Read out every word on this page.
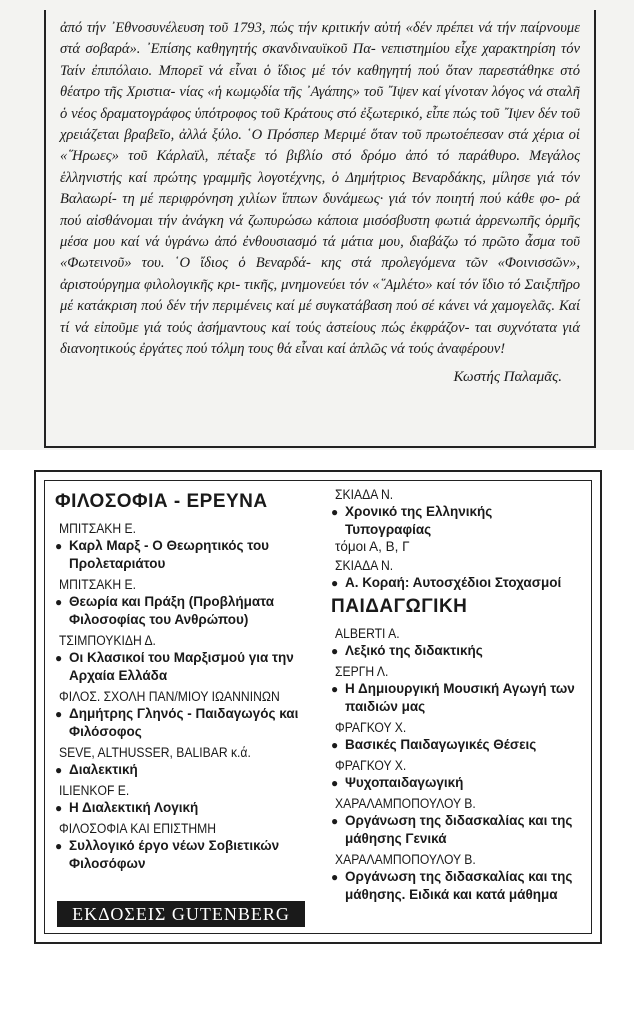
ἀπό τήν ᾿Εθνοσυνέλευση τοῦ 1793, πώς τήν κριτικήν αὐτή «δέν πρέπει νά τήν παίρνουμε στά σοβαρά». ᾿Επίσης καθηγητής σκανδιναυϊκοῦ Πα- νεπιστημίου εἶχε χαρακτηρίση τόν Ταίν ἐπιπόλαιο. Μπορεῖ νά εἶναι ὁ ἴδιος μέ τόν καθηγητή πού ὅταν παρεστάθηκε στό θέατρο τῆς Χριστια- νίας «ἡ κωμῳδία τῆς ᾿Αγάπης» τοῦ ῎Ιψεν καί γίνοταν λόγος νά σταλῆ ὁ νέος δραματογράφος ὑπότροφος τοῦ Κράτους στό ἐξωτερικό, εἶπε πώς τοῦ ῎Ιψεν δέν τοῦ χρειάζεται βραβεῖο, ἀλλά ξύλο. ῾Ο Πρόσπερ Μεριμέ ὅταν τοῦ πρωτοέπεσαν στά χέρια οἱ «῞Ηρωες» τοῦ Κάρλαϊλ, πέταξε τό βιβλίο στό δρόμο ἀπό τό παράθυρο. Μεγάλος ἑλληνιστής καί πρώτης γραμμῆς λογοτέχνης, ὁ Δημήτριος Βεναρδάκης, μίλησε γιά τόν Βαλαωρί- τη μέ περιφρόνηση χιλίων ἵππων δυνάμεως· γιά τόν ποιητή πού κάθε φο- ρά πού αἰσθάνομαι τήν ἀνάγκη νά ζωπυρώσω κάποια μισόσβυστη φωτιά ἀρρενωπῆς ὁρμῆς μέσα μου καί νά ὑγράνω ἀπό ἐνθουσιασμό τά μάτια μου, διαβάζω τό πρῶτο ἆσμα τοῦ «Φωτεινοῦ» του. ῾Ο ἴδιος ὁ Βεναρδά- κης στά προλεγόμενα τῶν «Φοινισσῶν», ἀριστούργημα φιλολογικῆς κρι- τικῆς, μνημονεύει τόν «῞Αμλέτο» καί τόν ἴδιο τό Σαιξπῆρο μέ κατάκριση πού δέν τήν περιμένεις καί μέ συγκατάβαση πού σέ κάνει νά χαμογελᾶς. Καί τί νά εἰποῦμε γιά τούς ἀσήμαντους καί τούς ἀστείους πώς ἐκφράζον- ται συχνότατα γιά διανοητικούς ἐργάτες πού τόλμη τους θά εἶναι καί ἁπλῶς νά τούς ἀναφέρουν!

Κωστής Παλαμᾶς.

ΦΙΛΟΣΟΦΙΑ - ΕΡΕΥΝΑ
ΜΠΙΤΣΑΚΗ Ε.
● Καρλ Μαρξ - Ο Θεωρητικός του Προλεταριάτου
ΜΠΙΤΣΑΚΗ Ε.
● Θεωρία και Πράξη (Προβλήματα Φιλοσοφίας του Ανθρώπου)
ΤΣΙΜΠΟΥΚΙΔΗ Δ.
● Οι Κλασικοί του Μαρξισμού για την Αρχαία Ελλάδα
ΦΙΛΟΣ. ΣΧΟΛΗ ΠΑΝ/ΜΙΟΥ ΙΩΑΝΝΙΝΩΝ
● Δημήτρης Γληνός - Παιδαγωγός και Φιλόσοφος
SEVE, ALTHUSSER, BALIBAR κ.ά.
● Διαλεκτική
ILIENKOF E.
● Η Διαλεκτική Λογική
ΦΙΛΟΣΟΦΙΑ ΚΑΙ ΕΠΙΣΤΗΜΗ
● Συλλογικό έργο νέων Σοβιετικών Φιλοσόφων
ΣΚΙΑΔΑ Ν.
● Χρονικό της Ελληνικής Τυπογραφίας
τόμοι Α, Β, Γ
ΣΚΙΑΔΑ Ν.
● Α. Κοραή: Αυτοσχέδιοι Στοχασμοί
ΠΑΙΔΑΓΩΓΙΚΗ
ALBERTI A.
● Λεξικό της διδακτικής
ΣΕΡΓΗ Λ.
● Η Δημιουργική Μουσική Αγωγή των παιδιών μας
ΦΡΑΓΚΟΥ Χ.
● Βασικές Παιδαγωγικές Θέσεις
ΦΡΑΓΚΟΥ Χ.
● Ψυχοπαιδαγωγική
ΧΑΡΑΛΑΜΠΟΠΟΥΛΟΥ Β.
● Οργάνωση της διδασκαλίας και της μάθησης Γενικά
ΧΑΡΑΛΑΜΠΟΠΟΥΛΟΥ Β.
● Οργάνωση της διδασκαλίας και της μάθησης. Ειδικά και κατά μάθημα
ΕΚΔΟΣΕΙΣ GUTENBERG
